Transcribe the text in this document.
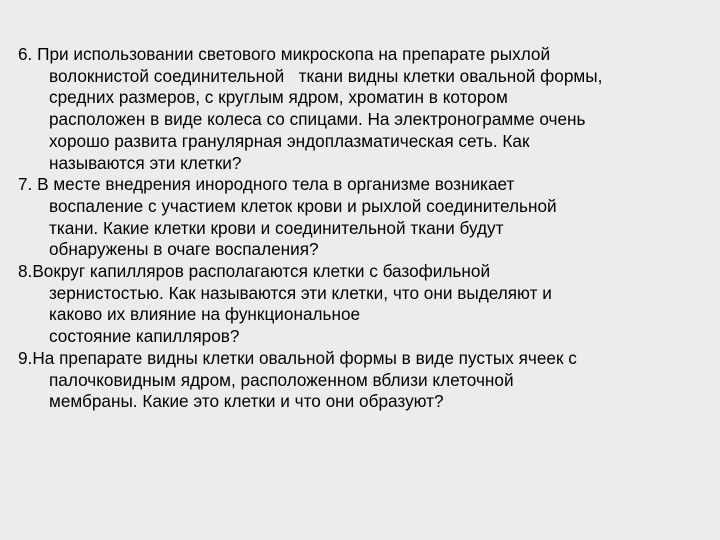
6. При использовании светового микроскопа на препарате рыхлой
волокнистой соединительной   ткани видны клетки овальной формы,
средних размеров, с круглым ядром, хроматин в котором
расположен в виде колеса со спицами. На электронограмме очень
хорошо развита гранулярная эндоплазматическая сеть. Как
называются эти клетки?

7. В месте внедрения инородного тела в организме возникает
воспаление с участием клеток крови и рыхлой соединительной
ткани. Какие клетки крови и соединительной ткани будут
обнаружены в очаге воспаления?

8.Вокруг капилляров располагаются клетки с базофильной
зернистостью. Как называются эти клетки, что они выделяют и
каково их влияние на функциональное
состояние капилляров?

9.На препарате видны клетки овальной формы в виде пустых ячеек с
палочковидным ядром, расположенном вблизи клеточной
мембраны. Какие это клетки и что они образуют?
